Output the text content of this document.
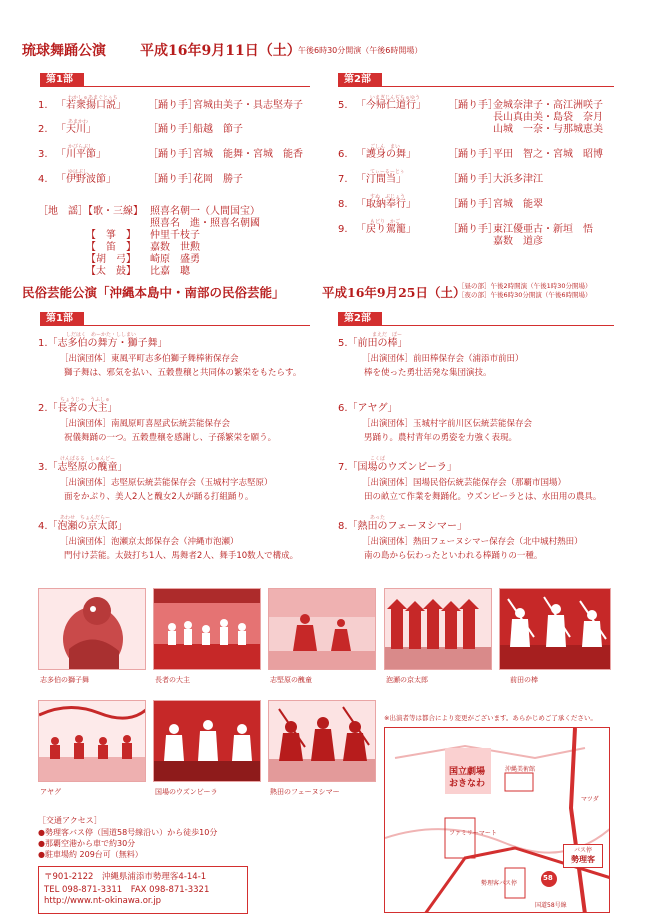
琉球舞踊公演 平成16年9月11日（土）
午後6時30分開演（午後6時開場）
第1部
1.
わかしゅあまぐとぅち
「若衆揚口説」 ［踊り手］
宮城由美子・具志堅寿子
2.
あまかわ
「天川」	［踊り手］
船越　節子
3.
かびらぶし
「川平節」	［踊り手］
宮城　能舞・宮城　能香
4.
ゆはぶし
「伊野波節」	［踊り手］
花岡　勝子
［地　謡］
【歌・三線】 照喜名朝一（人間国宝）
照喜名　進・照喜名朝國
【　箏　】 仲里千枝子
【　笛　】 嘉数　世勲
【胡　弓】 崎原　盛勇
【太　鼓】 比嘉　聰
第2部
5.
いまぎじんぢちゅゆう
「今帰仁道行」 ［踊り手］
金城奈津子・高江洲咲子
長山真由美・島袋　奈月
山城　一奈・与那城恵美
6.
ごしん　まい
「護身の舞」	［踊り手］
平田　智之・宮城　昭博
7.
てぃーるーとぅ
「汀間当」	［踊り手］
大浜多津江
8.
すぬ　ぶじょう
「取納奉行」	［踊り手］
宮城　能翠
9.
もどり　かご
「戻り駕籠」	［踊り手］
東江優亜古・新垣　悟
嘉数　道彦
民俗芸能公演「沖縄本島中・南部の民俗芸能」	平成16年9月25日（土）
［昼の部］午後2時開演（午後1時30分開場）
［夜の部］午後6時30分開演（午後6時開場）
第1部	第2部
しだはく　めーかた・ししまい
1.「志多伯の舞方・獅子舞」
［出演団体］東風平町志多伯獅子舞棒術保存会
獅子舞は、邪気を払い、五穀豊穣と共同体の繁栄をもたらす。
ちょうじゃ　うふしゅ
2.「長者の大主」
［出演団体］南風原町喜屋武伝統芸能保存会
祝儀舞踊の一つ。五穀豊穣を感謝し、子孫繁栄を願う。
けんぱるる　しゅんどー
3.「志堅原の醜童」
［出演団体］志堅原伝統芸能保存会（玉城村字志堅原）
面をかぶり、美人2人と醜女2人が踊る打組踊り。
あわせ　ちょんだらー
4.「泡瀬の京太郎」
［出演団体］泡瀬京太郎保存会（沖縄市泡瀬）
門付け芸能。太鼓打ち1人、馬舞者2人、舞手10数人で構成。
まえだ　ぼー
5.「前田の棒」
［出演団体］前田棒保存会（浦添市前田）
棒を使った勇壮活発な集団演技。
6.「アヤグ」
［出演団体］玉城村字前川区伝統芸能保存会
男踊り。農村青年の勇姿を力強く表現。
こくば
7.「国場のウズンビーラ」
［出演団体］国場民俗伝統芸能保存会（那覇市国場）
田の畝立て作業を舞踊化。ウズンビーラとは、水田用の農具。
あった
8.「熱田のフェーヌシマー」
［出演団体］熱田フェーヌシマー保存会（北中城村熱田）
南の島から伝わったといわれる棒踊りの一種。
志多伯の獅子舞	長者の大主	志堅原の醜童	泡瀬の京太郎	前田の棒
アヤグ	国場のウズンビーラ	熱田のフェーヌシマー
※出演者等は都合により変更がございます。あらかじめご了承ください。
［交通アクセス］
●勢理客バス停（国道58号線沿い）から徒歩10分
●那覇空港から車で約30分
●駐車場約 209台可（無料）
〒901-2122　沖縄県浦添市勢理客4-14-1
TEL 098-871-3311　FAX 098-871-3321
http://www.nt-okinawa.or.jp
国立劇場
おきなわ
沖縄美術館
マツダ
ファミリーマート
勢理客バス停
58
国道58号線
バス停
勢理客
